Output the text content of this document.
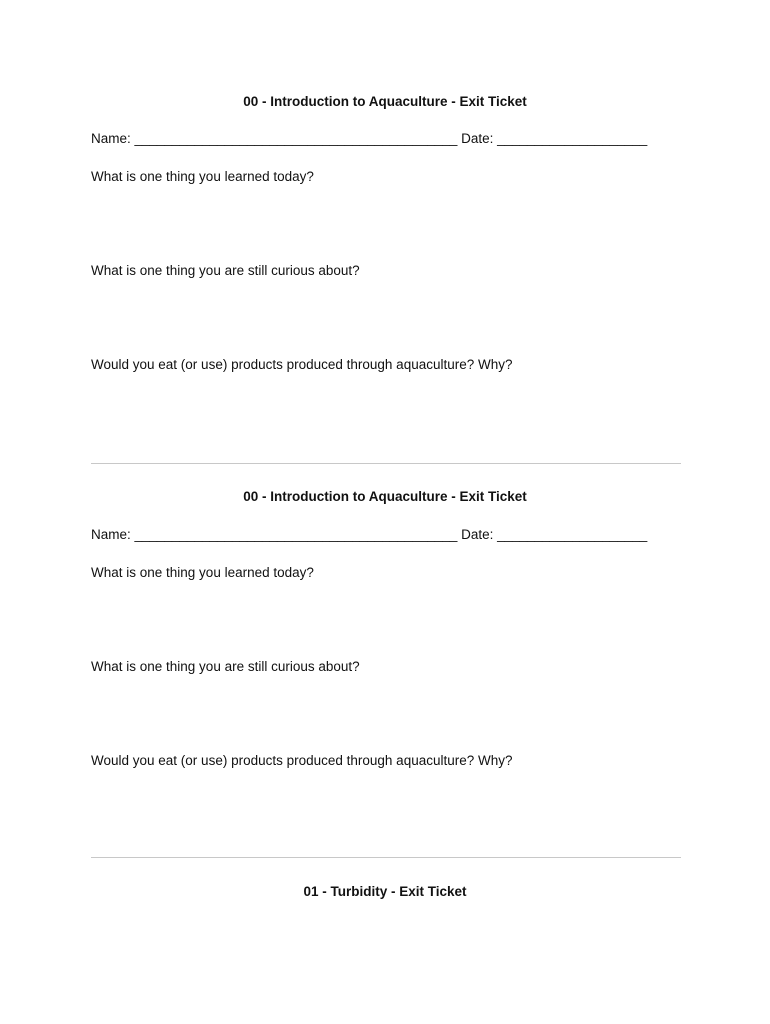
00 - Introduction to Aquaculture - Exit Ticket
Name: ___________________________________________ Date: ____________________
What is one thing you learned today?
What is one thing you are still curious about?
Would you eat (or use) products produced through aquaculture? Why?
00 - Introduction to Aquaculture - Exit Ticket
Name: ___________________________________________ Date: ____________________
What is one thing you learned today?
What is one thing you are still curious about?
Would you eat (or use) products produced through aquaculture? Why?
01 - Turbidity - Exit Ticket
